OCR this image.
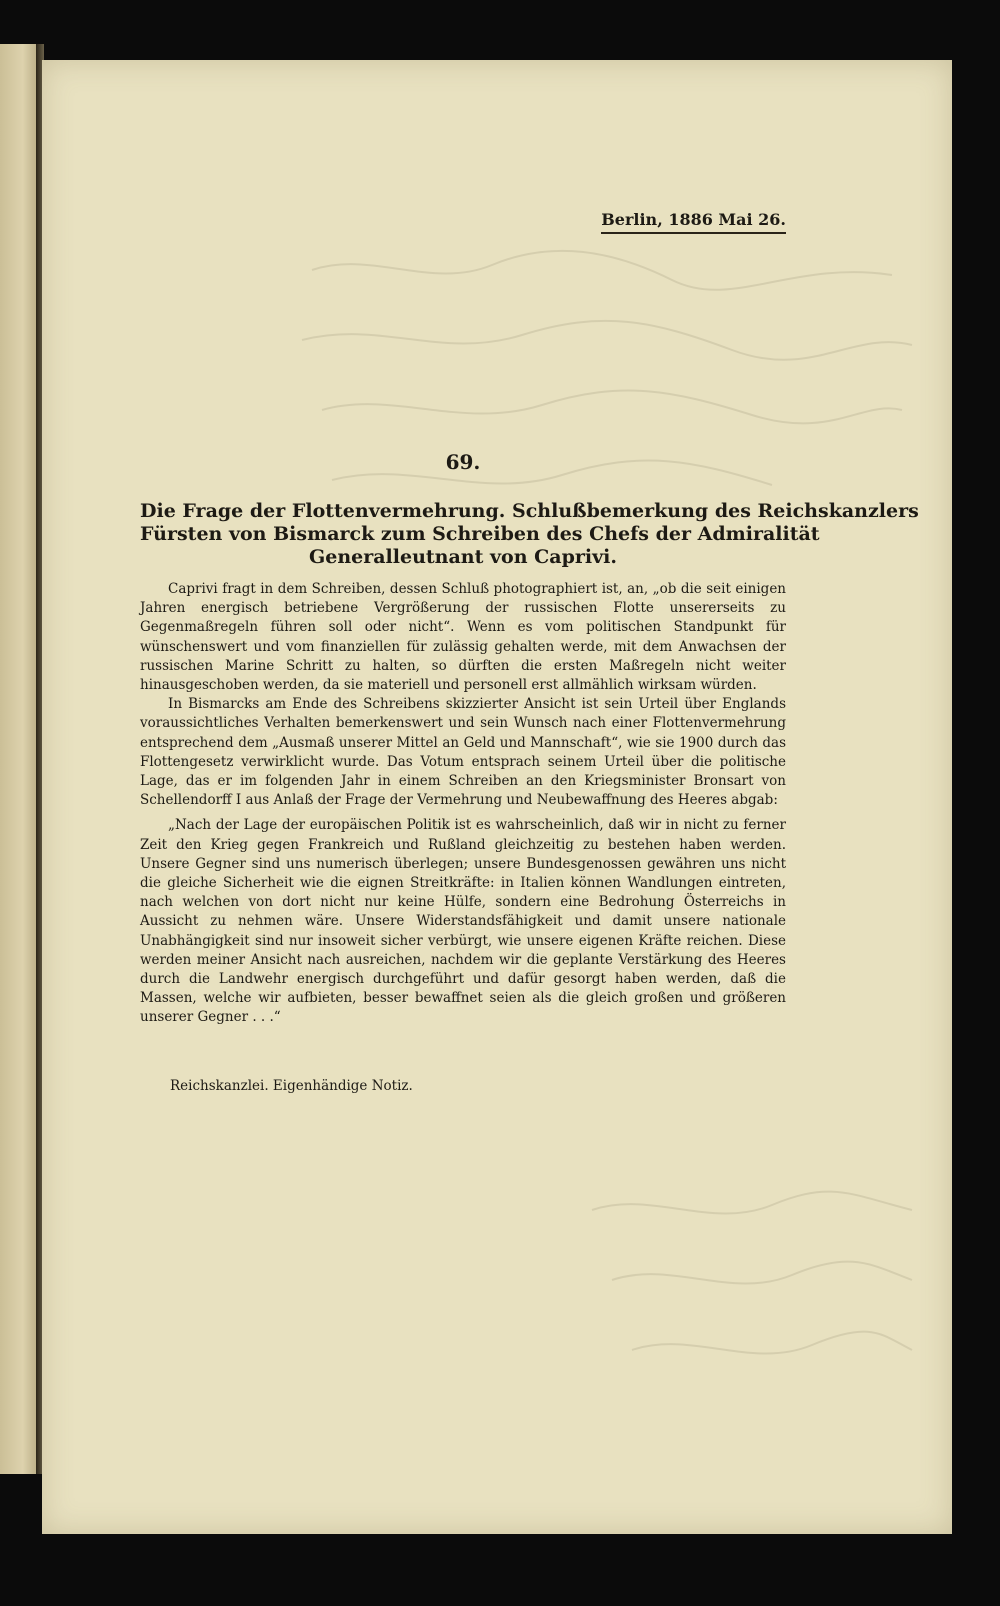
Berlin, 1886 Mai 26.
69.
Die Frage der Flottenvermehrung. Schlußbemerkung des Reichskanzlers
Fürsten von Bismarck zum Schreiben des Chefs der Admiralität
Generalleutnant von Caprivi.

Caprivi fragt in dem Schreiben, dessen Schluß photographiert ist, an, „ob die seit einigen Jahren energisch betriebene Vergrößerung der russischen Flotte unsererseits zu Gegenmaßregeln führen soll oder nicht“. Wenn es vom politischen Standpunkt für wünschenswert und vom finanziellen für zulässig gehalten werde, mit dem Anwachsen der russischen Marine Schritt zu halten, so dürften die ersten Maßregeln nicht weiter hinausgeschoben werden, da sie materiell und personell erst allmählich wirksam würden.

In Bismarcks am Ende des Schreibens skizzierter Ansicht ist sein Urteil über Englands voraussichtliches Verhalten bemerkenswert und sein Wunsch nach einer Flottenvermehrung entsprechend dem „Ausmaß unserer Mittel an Geld und Mannschaft“, wie sie 1900 durch das Flottengesetz verwirklicht wurde. Das Votum entsprach seinem Urteil über die politische Lage, das er im folgenden Jahr in einem Schreiben an den Kriegsminister Bronsart von Schellendorff I aus Anlaß der Frage der Vermehrung und Neubewaffnung des Heeres abgab:

„Nach der Lage der europäischen Politik ist es wahrscheinlich, daß wir in nicht zu ferner Zeit den Krieg gegen Frankreich und Rußland gleichzeitig zu bestehen haben werden. Unsere Gegner sind uns numerisch überlegen; unsere Bundesgenossen gewähren uns nicht die gleiche Sicherheit wie die eignen Streitkräfte: in Italien können Wandlungen eintreten, nach welchen von dort nicht nur keine Hülfe, sondern eine Bedrohung Österreichs in Aussicht zu nehmen wäre. Unsere Widerstandsfähigkeit und damit unsere nationale Unabhängigkeit sind nur insoweit sicher verbürgt, wie unsere eigenen Kräfte reichen. Diese werden meiner Ansicht nach ausreichen, nachdem wir die geplante Verstärkung des Heeres durch die Landwehr energisch durchgeführt und dafür gesorgt haben werden, daß die Massen, welche wir aufbieten, besser bewaffnet seien als die gleich großen und größeren unserer Gegner . . .“

Reichskanzlei. Eigenhändige Notiz.
